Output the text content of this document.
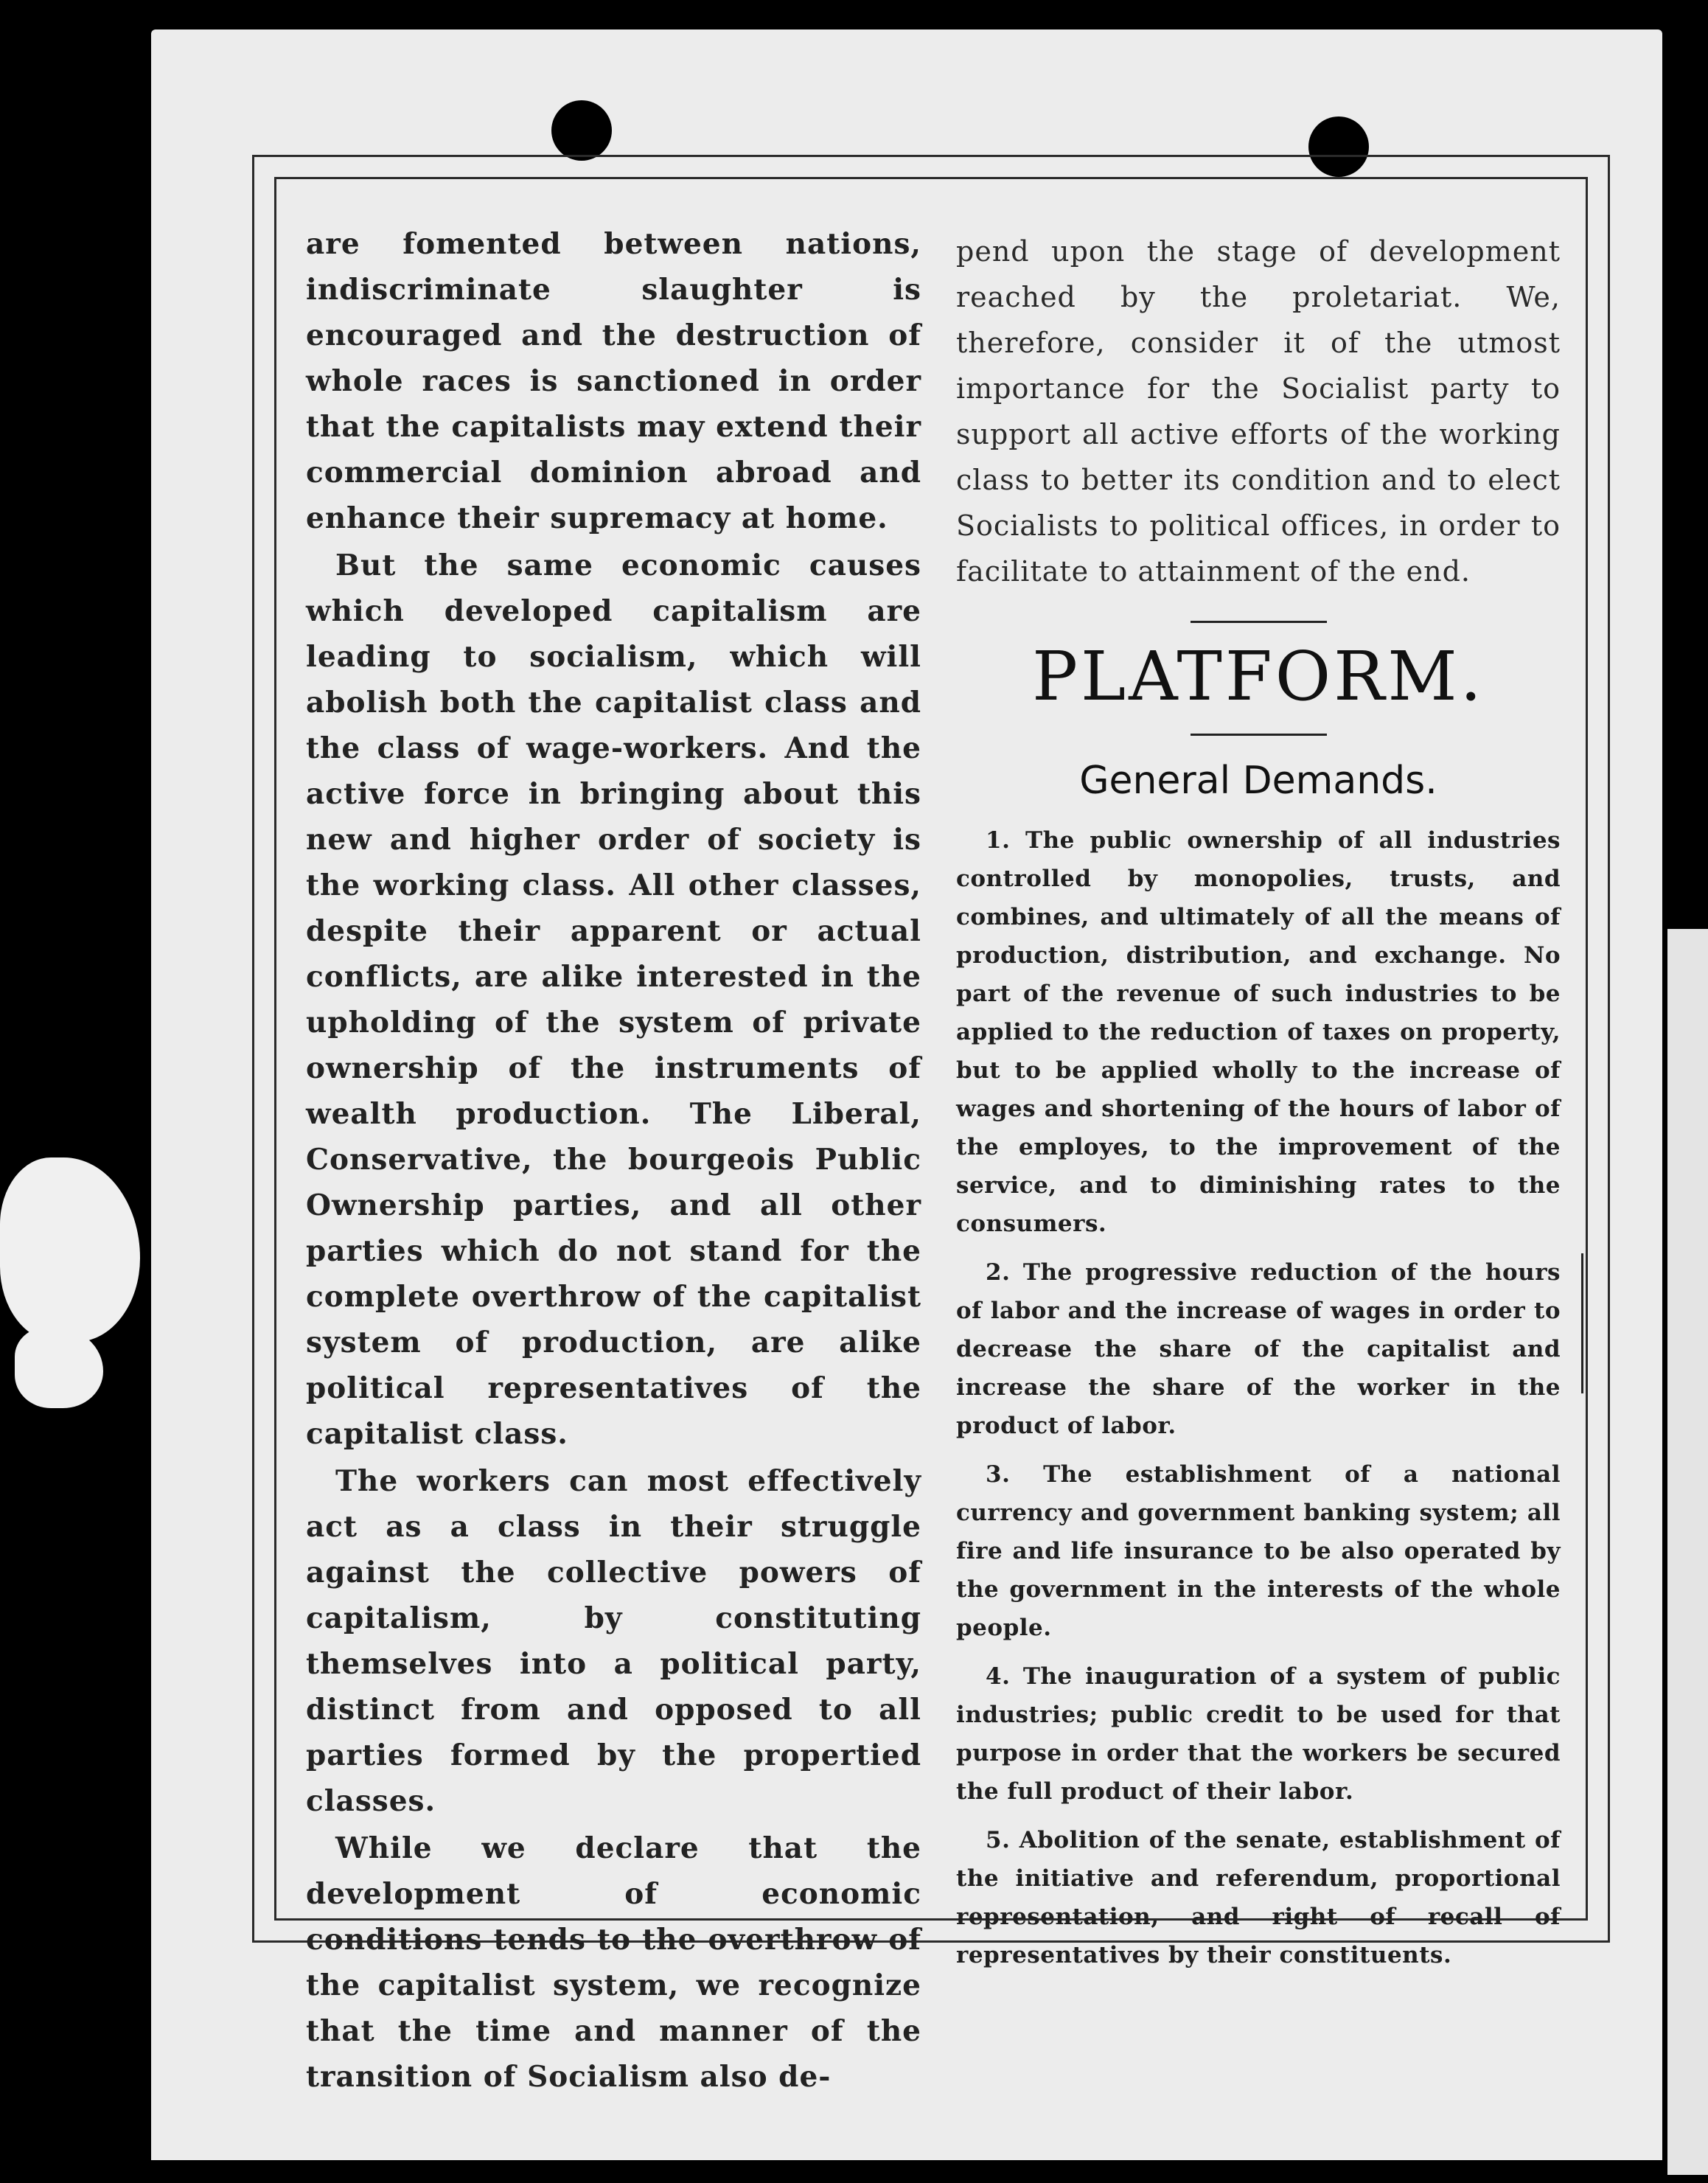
are fomented between nations, indiscriminate slaughter is encouraged and the destruction of whole races is sanctioned in order that the capitalists may extend their commercial dominion abroad and enhance their supremacy at home.

But the same economic causes which developed capitalism are leading to socialism, which will abolish both the capitalist class and the class of wage-workers. And the active force in bringing about this new and higher order of society is the working class. All other classes, despite their apparent or actual conflicts, are alike interested in the upholding of the system of private ownership of the instruments of wealth production. The Liberal, Conservative, the bourgeois Public Ownership parties, and all other parties which do not stand for the complete overthrow of the capitalist system of production, are alike political representatives of the capitalist class.

The workers can most effectively act as a class in their struggle against the collective powers of capitalism, by constituting themselves into a political party, distinct from and opposed to all parties formed by the propertied classes.

While we declare that the development of economic conditions tends to the overthrow of the capitalist system, we recognize that the time and manner of the transition of Socialism also de-

pend upon the stage of development reached by the proletariat. We, therefore, consider it of the utmost importance for the Socialist party to support all active efforts of the working class to better its condition and to elect Socialists to political offices, in order to facilitate to attainment of the end.

PLATFORM.
General Demands.

1. The public ownership of all industries controlled by monopolies, trusts, and combines, and ultimately of all the means of production, distribution, and exchange. No part of the revenue of such industries to be applied to the reduction of taxes on property, but to be applied wholly to the increase of wages and shortening of the hours of labor of the employes, to the improvement of the service, and to diminishing rates to the consumers.

2. The progressive reduction of the hours of labor and the increase of wages in order to decrease the share of the capitalist and increase the share of the worker in the product of labor.

3. The establishment of a national currency and government banking system; all fire and life insurance to be also operated by the government in the interests of the whole people.

4. The inauguration of a system of public industries; public credit to be used for that purpose in order that the workers be secured the full product of their labor.

5. Abolition of the senate, establishment of the initiative and referendum, proportional representation, and right of recall of representatives by their constituents.
